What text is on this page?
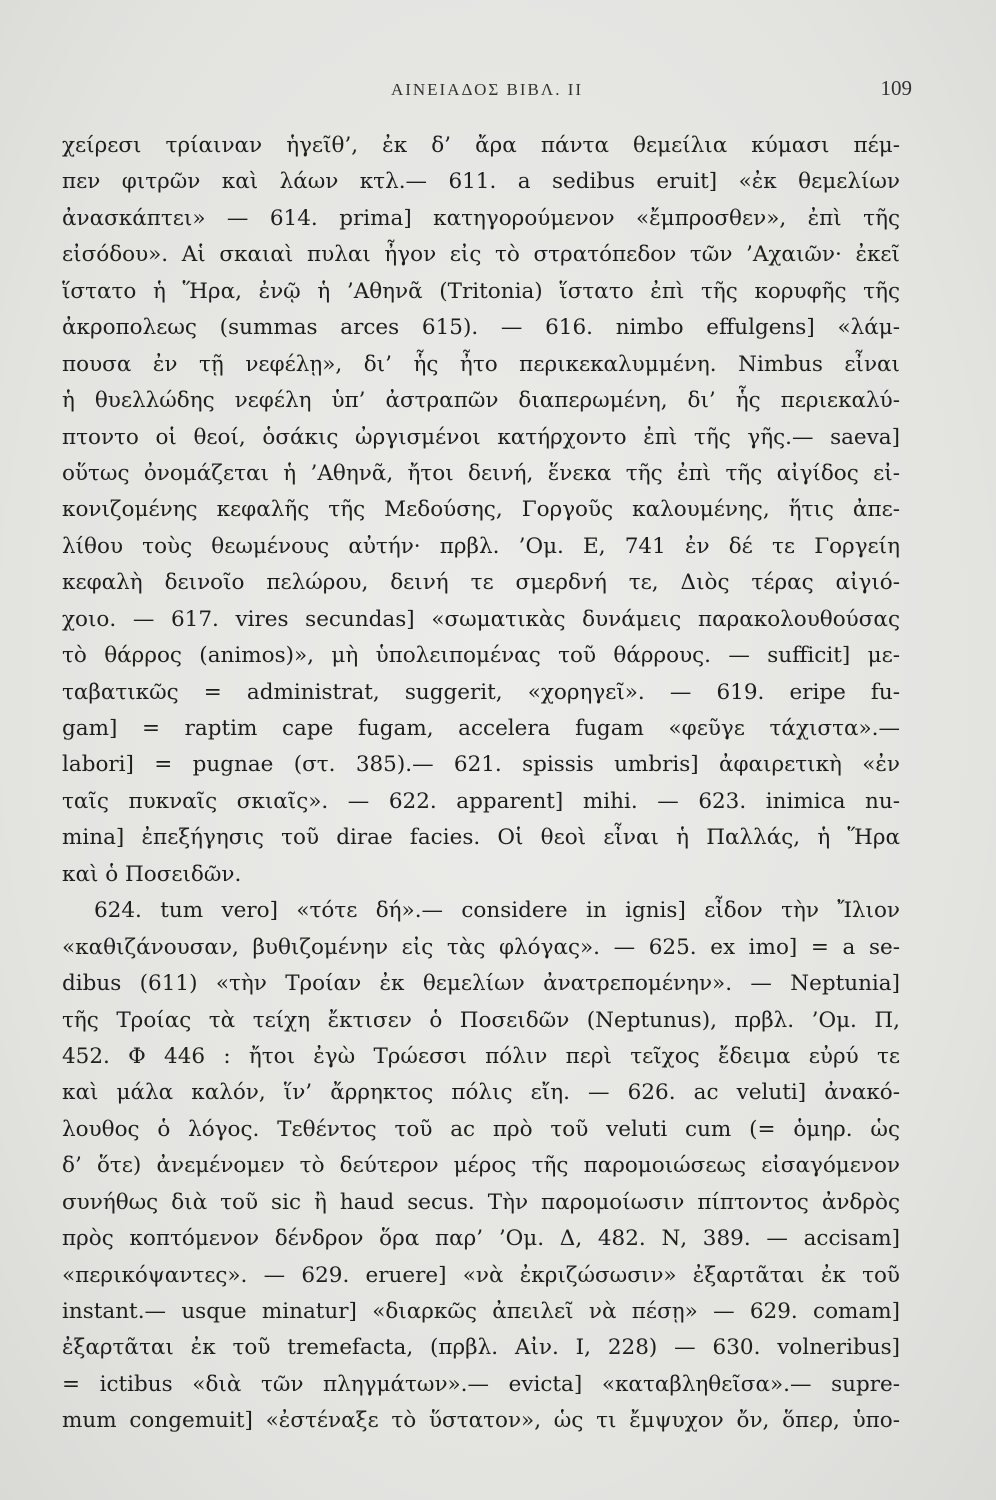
ΑΙΝΕΙΑΔΟΣ ΒΙΒΛ. II	109
χείρεσι τρίαιναν ἡγεῖθ’, ἐκ δ’ ἄρα πάντα θεμείλια κύμασι πέμ-
πεν φιτρῶν καὶ λάων κτλ.— 611. a sedibus eruit] «ἐκ θεμελίων
ἀνασκάπτει» — 614. prima] κατηγορούμενον «ἔμπροσθεν», ἐπὶ τῆς
εἰσόδου». Αἱ σκαιαὶ πυλαι ἦγον εἰς τὸ στρατόπεδον τῶν ’Αχαιῶν· ἐκεῖ
ἵστατο ἡ Ἥρα, ἐνῷ ἡ ’Αθηνᾶ (Tritonia) ἵστατο ἐπὶ τῆς κορυφῆς τῆς
ἀκροπολεως (summas arces 615). — 616. nimbo effulgens] «λάμ-
πουσα ἐν τῇ νεφέλῃ», δι’ ἧς ἦτο περικεκαλυμμένη. Nimbus εἶναι
ἡ θυελλώδης νεφέλη ὑπ’ ἀστραπῶν διαπερωμένη, δι’ ἧς περιεκαλύ-
πτοντο οἱ θεοί, ὁσάκις ὠργισμένοι κατήρχοντο ἐπὶ τῆς γῆς.— saeva]
οὕτως ὀνομάζεται ἡ ’Αθηνᾶ, ἤτοι δεινή, ἕνεκα τῆς ἐπὶ τῆς αἰγίδος εἰ-
κονιζομένης κεφαλῆς τῆς Μεδούσης, Γοργοῦς καλουμένης, ἥτις ἀπε-
λίθου τοὺς θεωμένους αὐτήν· πρβλ. ’Ομ. Ε, 741 ἐν δέ τε Γοργείη
κεφαλὴ δεινοῖο πελώρου, δεινή τε σμερδνή τε, Διὸς τέρας αἰγιό-
χοιο. — 617. vires secundas] «σωματικὰς δυνάμεις παρακολουθούσας
τὸ θάρρος (animos)», μὴ ὑπολειπομένας τοῦ θάρρους. — sufficit] με-
ταβατικῶς = administrat, suggerit, «χορηγεῖ». — 619. eripe fu-
gam] = raptim cape fugam, accelera fugam «φεῦγε τάχιστα».—
labori] = pugnae (στ. 385).— 621. spissis umbris] ἀφαιρετικὴ «ἐν
ταῖς πυκναῖς σκιαῖς». — 622. apparent] mihi. — 623. inimica nu-
mina] ἐπεξήγησις τοῦ dirae facies. Οἱ θεοὶ εἶναι ἡ Παλλάς, ἡ Ἥρα
καὶ ὁ Ποσειδῶν.
624. tum vero] «τότε δή».— considere in ignis] εἶδον τὴν Ἴλιον
«καθιζάνουσαν, βυθιζομένην εἰς τὰς φλόγας». — 625. ex imo] = a se-
dibus (611) «τὴν Τροίαν ἐκ θεμελίων ἀνατρεπομένην». — Neptunia]
τῆς Τροίας τὰ τείχη ἔκτισεν ὁ Ποσειδῶν (Neptunus), πρβλ. ’Ομ. Π,
452. Φ 446 : ἤτοι ἐγὼ Τρώεσσι πόλιν περὶ τεῖχος ἔδειμα εὐρύ τε
καὶ μάλα καλόν, ἵν’ ἄρρηκτος πόλις εἴη. — 626. ac veluti] ἀνακό-
λουθος ὁ λόγος. Τεθέντος τοῦ ac πρὸ τοῦ veluti cum (= ὁμηρ. ὡς
δ’ ὅτε) ἀνεμένομεν τὸ δεύτερον μέρος τῆς παρομοιώσεως εἰσαγόμενον
συνήθως διὰ τοῦ sic ἢ haud secus. Τὴν παρομοίωσιν πίπτοντος ἀνδρὸς
πρὸς κοπτόμενον δένδρον ὅρα παρ’ ’Ομ. Δ, 482. Ν, 389. — accisam]
«περικόψαντες». — 629. eruere] «νὰ ἐκριζώσωσιν» ἐξαρτᾶται ἐκ τοῦ
instant.— usque minatur] «διαρκῶς ἀπειλεῖ νὰ πέσῃ» — 629. comam]
ἐξαρτᾶται ἐκ τοῦ tremefacta, (πρβλ. Αἰν. I, 228) — 630. volneribus]
= ictibus «διὰ τῶν πληγμάτων».— evicta] «καταβληθεῖσα».— supre-
mum congemuit] «ἐστέναξε τὸ ὕστατον», ὡς τι ἔμψυχον ὄν, ὅπερ, ὑπο-
